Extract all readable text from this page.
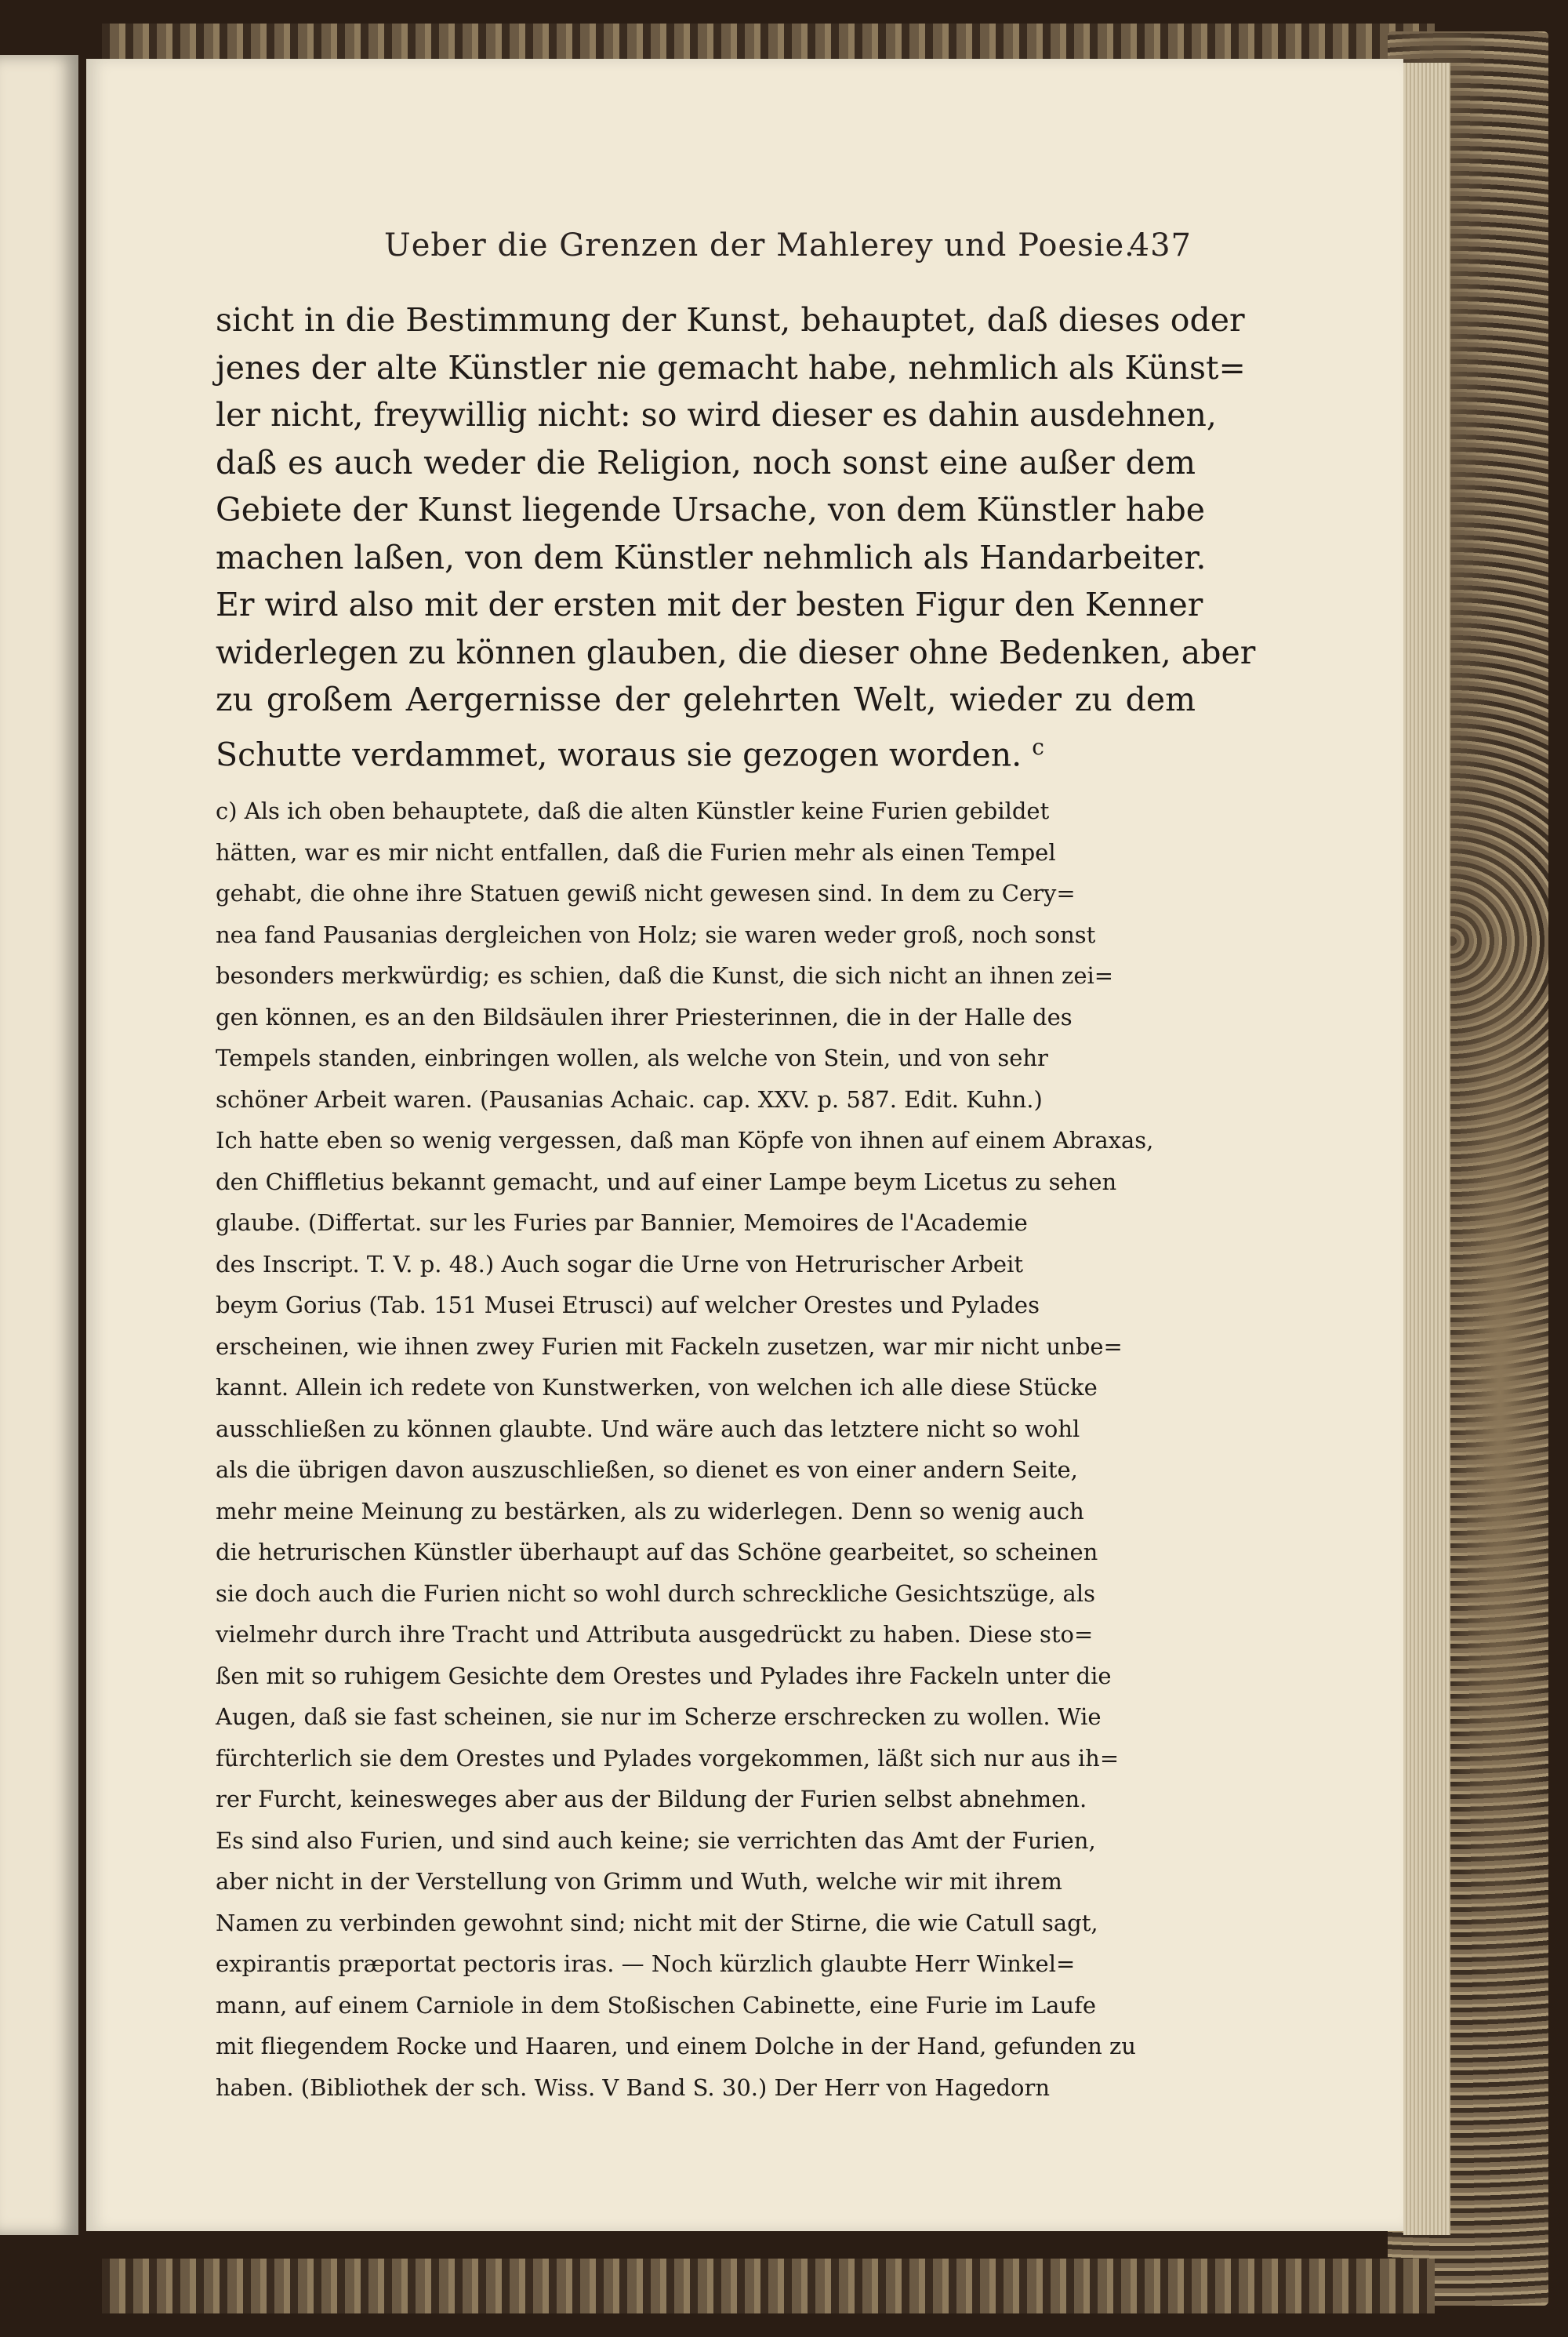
Ueber die Grenzen der Mahlerey und Poesie.
437
sicht in die Bestimmung der Kunst, behauptet, daß dieses oder
jenes der alte Künstler nie gemacht habe, nehmlich als Künst=
ler nicht, freywillig nicht: so wird dieser es dahin ausdehnen,
daß es auch weder die Religion, noch sonst eine außer dem
Gebiete der Kunst liegende Ursache, von dem Künstler habe
machen laßen, von dem Künstler nehmlich als Handarbeiter.
Er wird also mit der ersten mit der besten Figur den Kenner
widerlegen zu können glauben, die dieser ohne Bedenken, aber
zu großem Aergernisse der gelehrten Welt, wieder zu dem
Schutte verdammet, woraus sie gezogen worden. $^c$
c) Als ich oben behauptete, daß die alten Künstler keine Furien gebildet
hätten, war es mir nicht entfallen, daß die Furien mehr als einen Tempel
gehabt, die ohne ihre Statuen gewiß nicht gewesen sind. In dem zu Cery=
nea fand Pausanias dergleichen von Holz; sie waren weder groß, noch sonst
besonders merkwürdig; es schien, daß die Kunst, die sich nicht an ihnen zei=
gen können, es an den Bildsäulen ihrer Priesterinnen, die in der Halle des
Tempels standen, einbringen wollen, als welche von Stein, und von sehr
schöner Arbeit waren. (Pausanias Achaic. cap. XXV. p. 587. Edit. Kuhn.)
Ich hatte eben so wenig vergessen, daß man Köpfe von ihnen auf einem Abraxas,
den Chiffletius bekannt gemacht, und auf einer Lampe beym Licetus zu sehen
glaube. (Differtat. sur les Furies par Bannier, Memoires de l'Academie
des Inscript. T. V. p. 48.) Auch sogar die Urne von Hetrurischer Arbeit
beym Gorius (Tab. 151 Musei Etrusci) auf welcher Orestes und Pylades
erscheinen, wie ihnen zwey Furien mit Fackeln zusetzen, war mir nicht unbe=
kannt. Allein ich redete von Kunstwerken, von welchen ich alle diese Stücke
ausschließen zu können glaubte. Und wäre auch das letztere nicht so wohl
als die übrigen davon auszuschließen, so dienet es von einer andern Seite,
mehr meine Meinung zu bestärken, als zu widerlegen. Denn so wenig auch
die hetrurischen Künstler überhaupt auf das Schöne gearbeitet, so scheinen
sie doch auch die Furien nicht so wohl durch schreckliche Gesichtszüge, als
vielmehr durch ihre Tracht und Attributa ausgedrückt zu haben. Diese sto=
ßen mit so ruhigem Gesichte dem Orestes und Pylades ihre Fackeln unter die
Augen, daß sie fast scheinen, sie nur im Scherze erschrecken zu wollen. Wie
fürchterlich sie dem Orestes und Pylades vorgekommen, läßt sich nur aus ih=
rer Furcht, keinesweges aber aus der Bildung der Furien selbst abnehmen.
Es sind also Furien, und sind auch keine; sie verrichten das Amt der Furien,
aber nicht in der Verstellung von Grimm und Wuth, welche wir mit ihrem
Namen zu verbinden gewohnt sind; nicht mit der Stirne, die wie Catull sagt,
expirantis præportat pectoris iras. — Noch kürzlich glaubte Herr Winkel=
mann, auf einem Carniole in dem Stoßischen Cabinette, eine Furie im Laufe
mit fliegendem Rocke und Haaren, und einem Dolche in der Hand, gefunden zu
haben. (Bibliothek der sch. Wiss. V Band S. 30.) Der Herr von Hagedorn
